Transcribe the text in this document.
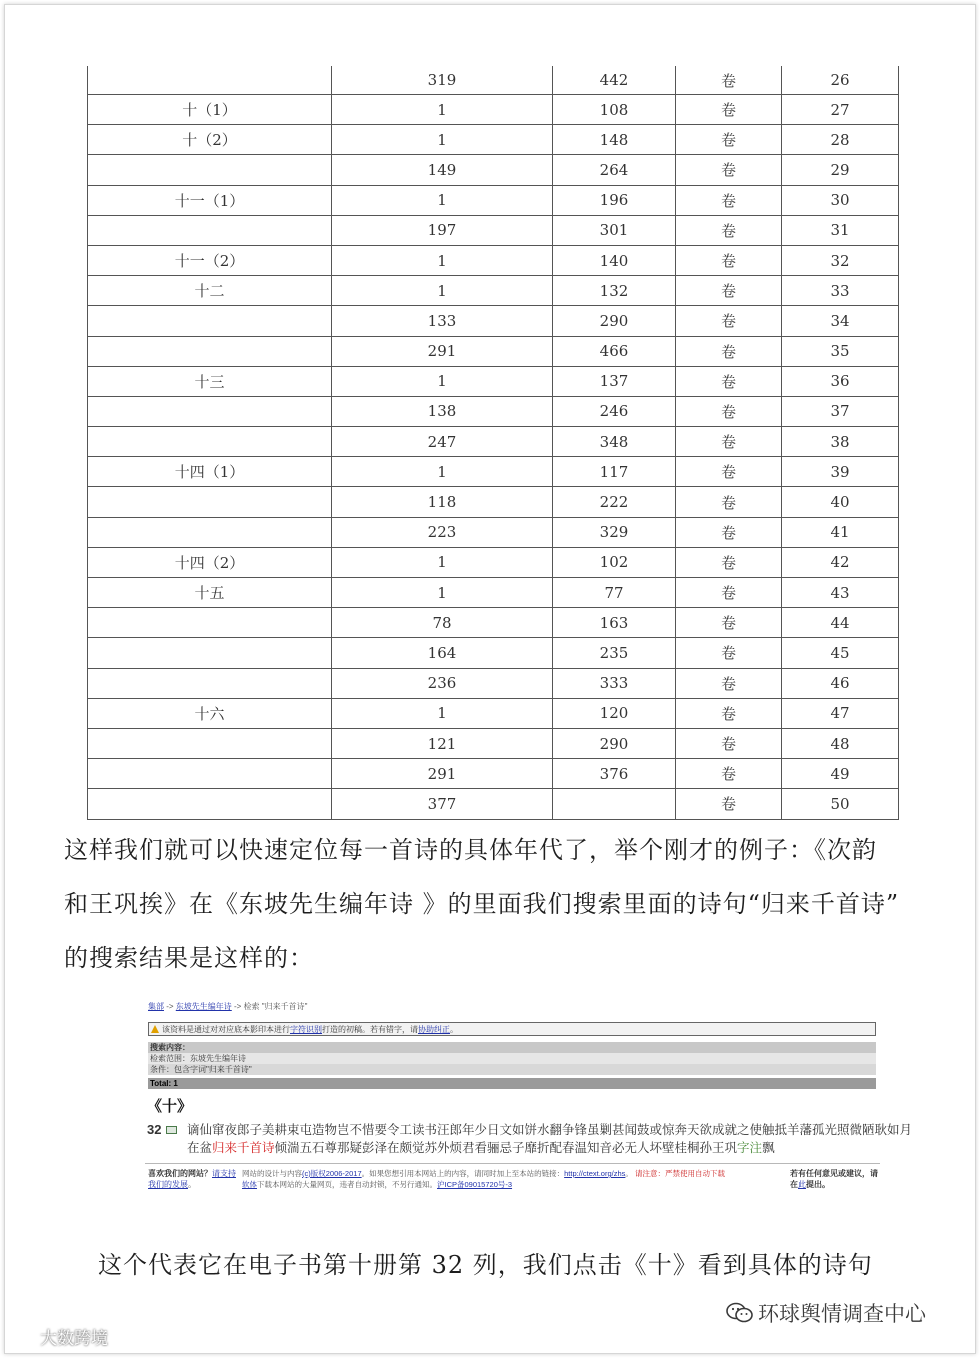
	319	442	卷	26
十（1）	1	108	卷	27
十（2）	1	148	卷	28
	149	264	卷	29
十一（1）	1	196	卷	30
	197	301	卷	31
十一（2）	1	140	卷	32
十二	1	132	卷	33
	133	290	卷	34
	291	466	卷	35
十三	1	137	卷	36
	138	246	卷	37
	247	348	卷	38
十四（1）	1	117	卷	39
	118	222	卷	40
	223	329	卷	41
十四（2）	1	102	卷	42
十五	1	77	卷	43
	78	163	卷	44
	164	235	卷	45
	236	333	卷	46
十六	1	120	卷	47
	121	290	卷	48
	291	376	卷	49
	377		卷	50
这样我们就可以快速定位每一首诗的具体年代了，举个刚才的例子：《次韵
和王巩挨》在《东坡先生编年诗 》的里面我们搜索里面的诗句“归来千首诗”
的搜索结果是这样的：
集部 -> 东坡先生编年诗 -> 检索 "归来千首诗"
该资料是通过对对应底本影印本进行字符识别打造的初稿。若有错字，请协助纠正。
搜索内容：
检索范围：东坡先生编年诗
条件：包含字词"归来千首诗"
Total: 1
《十》
32 谪仙窜夜郎子美耕束屯造物岂不惜要令工读书汪郎年少日文如饼水翻争锋虽剿甚闻鼓或惊奔天欲成就之使触抵羊藩孤光照微陋耿如月
在盆归来千首诗倾湍五石尊那疑彭泽在颇觉苏外烦君看骊忌子靡折配春温知音必无人坏壁桂桐孙王巩字注飘
喜欢我们的网站？请支持我们的发展。
网站的设计与内容(c)版权2006-2017。如果您想引用本网站上的内容，请同时加上至本站的链接：http://ctext.org/zhs。 请注意：严禁使用自动下载
软体下载本网站的大量网页，违者自动封锁，不另行通知。沪ICP备09015720号-3
若有任何意见或建议，请在此提出。
这个代表它在电子书第十册第 32 列，我们点击《十》看到具体的诗句
环球舆情调查中心
大数跨境
